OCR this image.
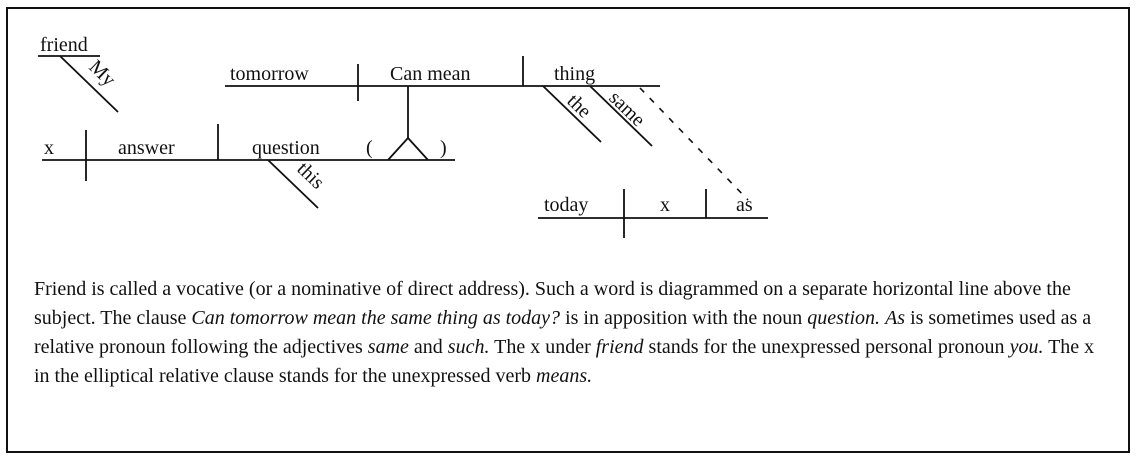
friend
My	tomorrow	Can mean	thing
the same
x	answer	question
this
(	)
today	x	as

Friend is called a vocative (or a nominative of direct address). Such a word is diagrammed on a separate horizontal line above the subject. The clause Can tomorrow mean the same thing as today? is in apposition with the noun question. As is sometimes used as a relative pronoun following the adjectives same and such. The x under friend stands for the unexpressed personal pronoun you. The x in the elliptical relative clause stands for the unexpressed verb means.
